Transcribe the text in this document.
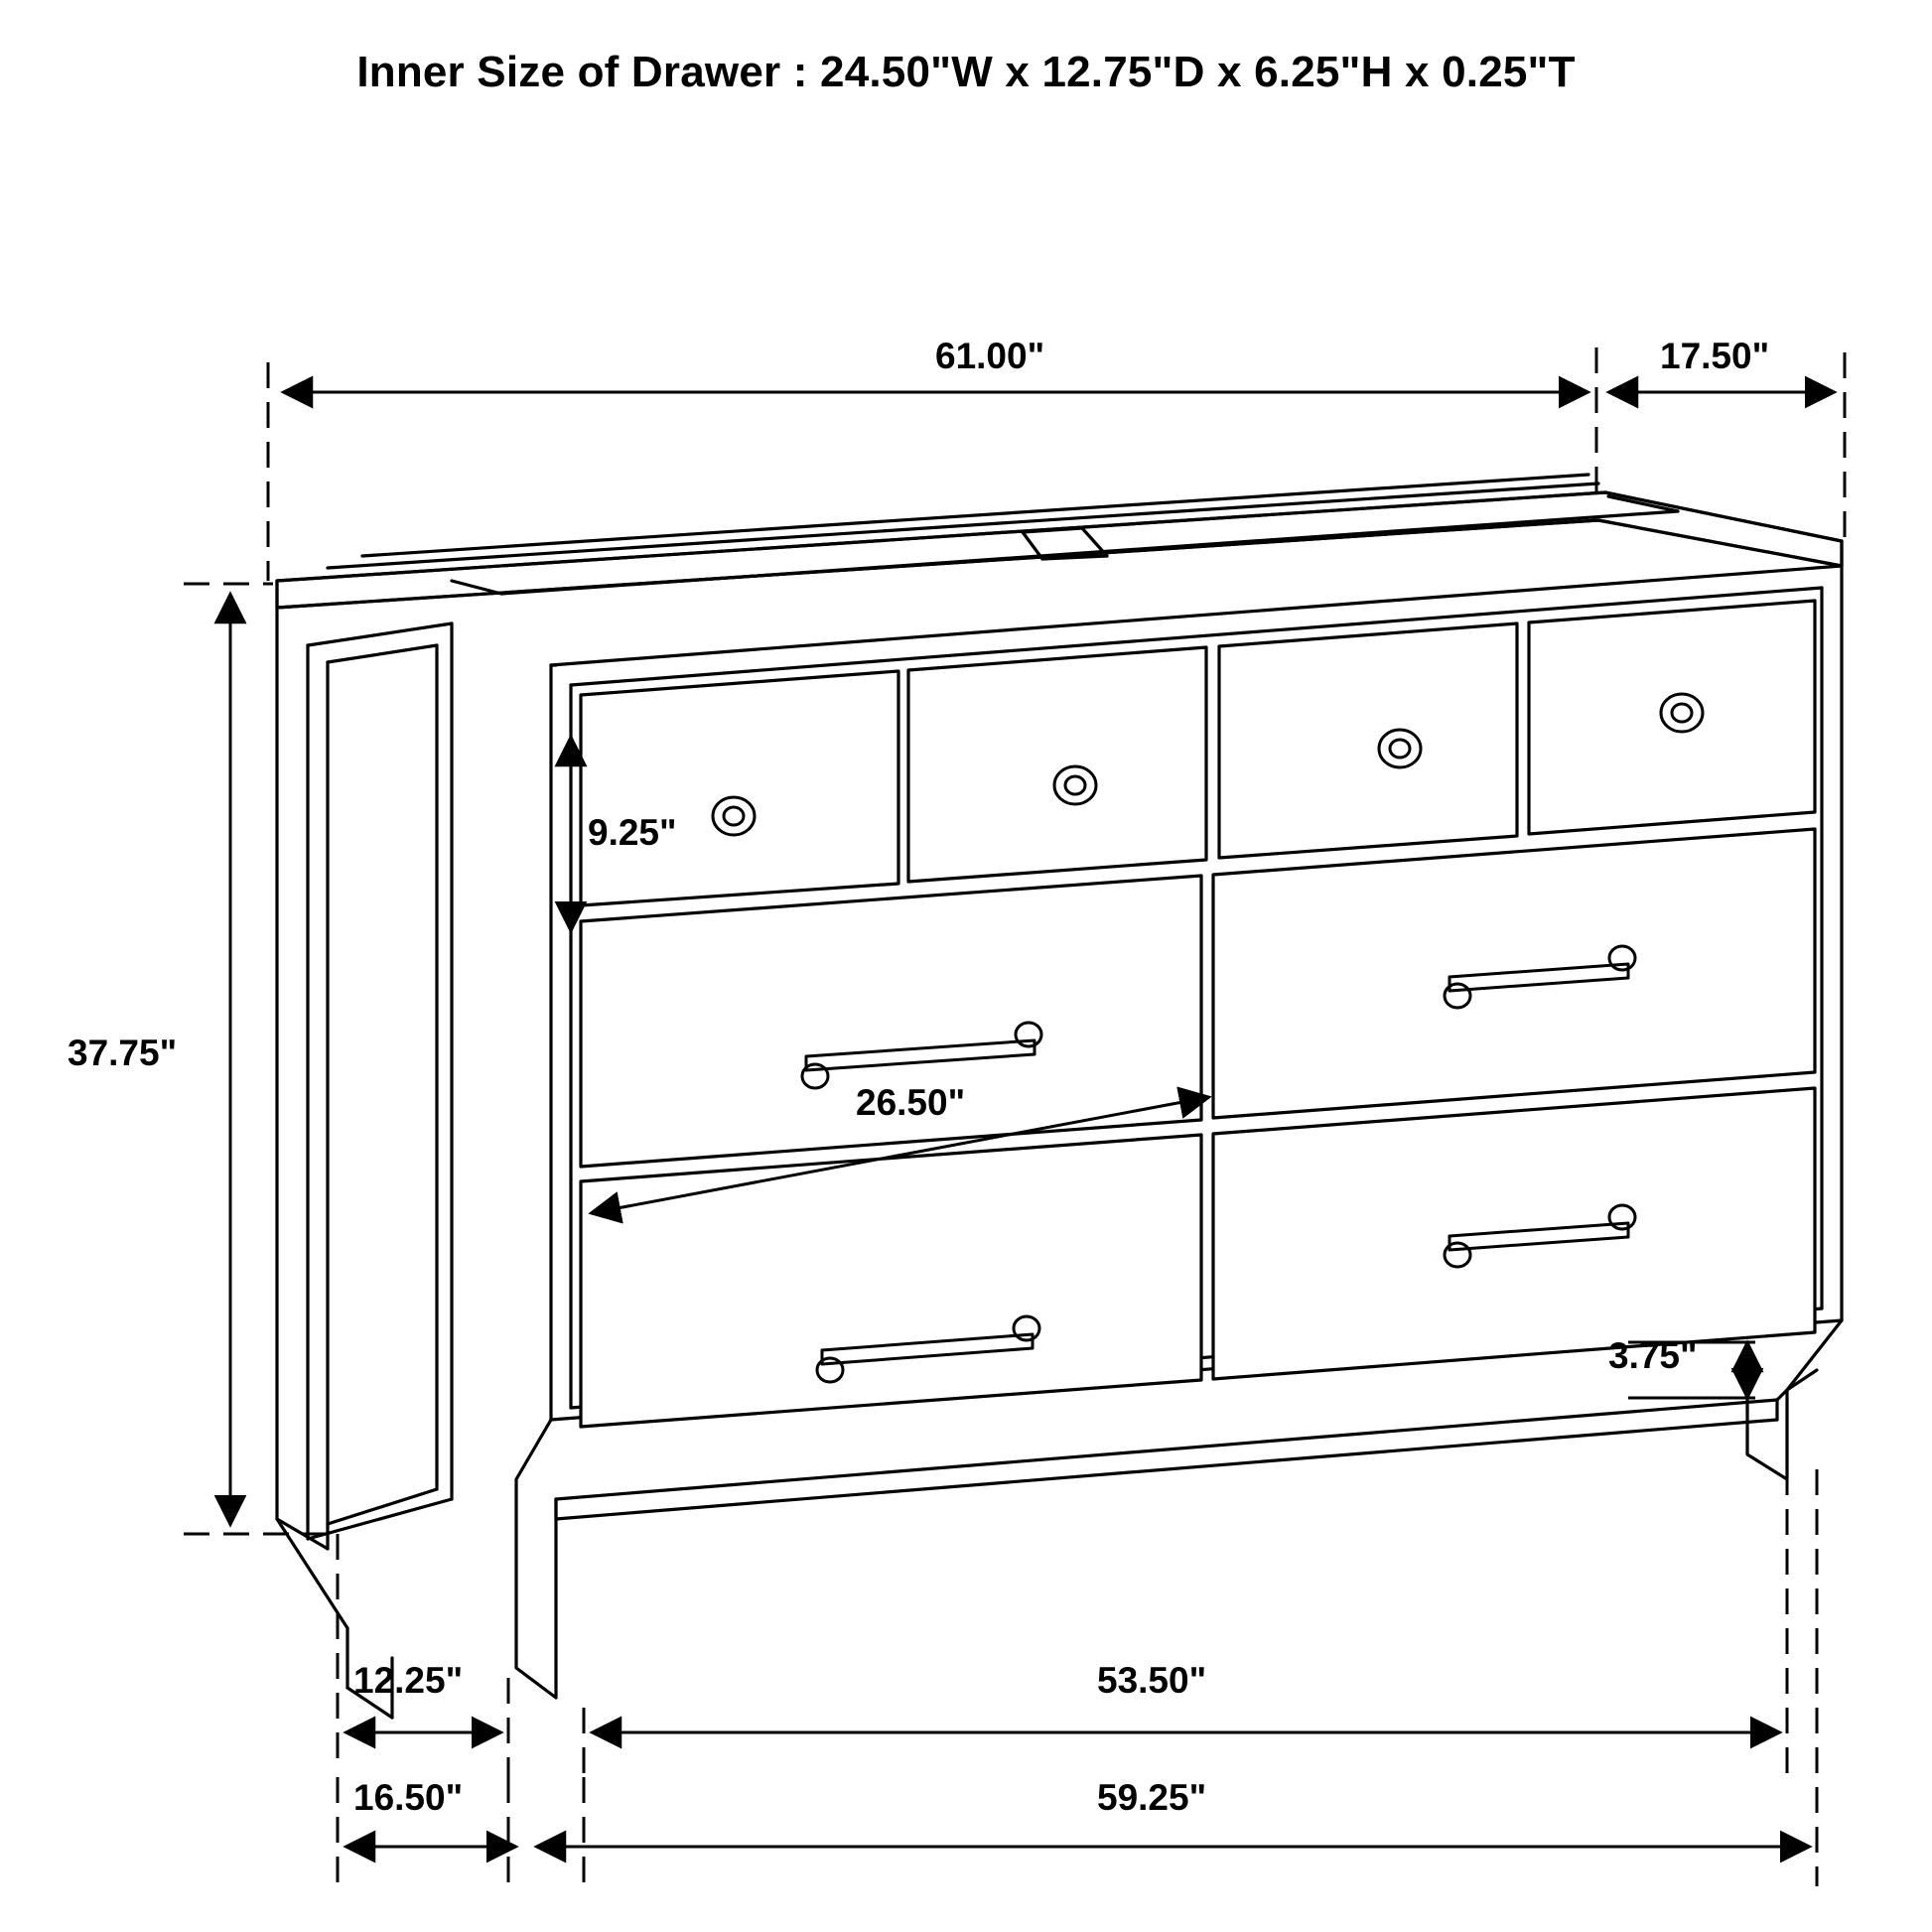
Inner Size of Drawer : 24.50"W x 12.75"D x 6.25"H x 0.25"T
61.00"	17.50"
37.75"
9.25"
26.50"
3.75"
12.25"
16.50"
53.50"
59.25"
